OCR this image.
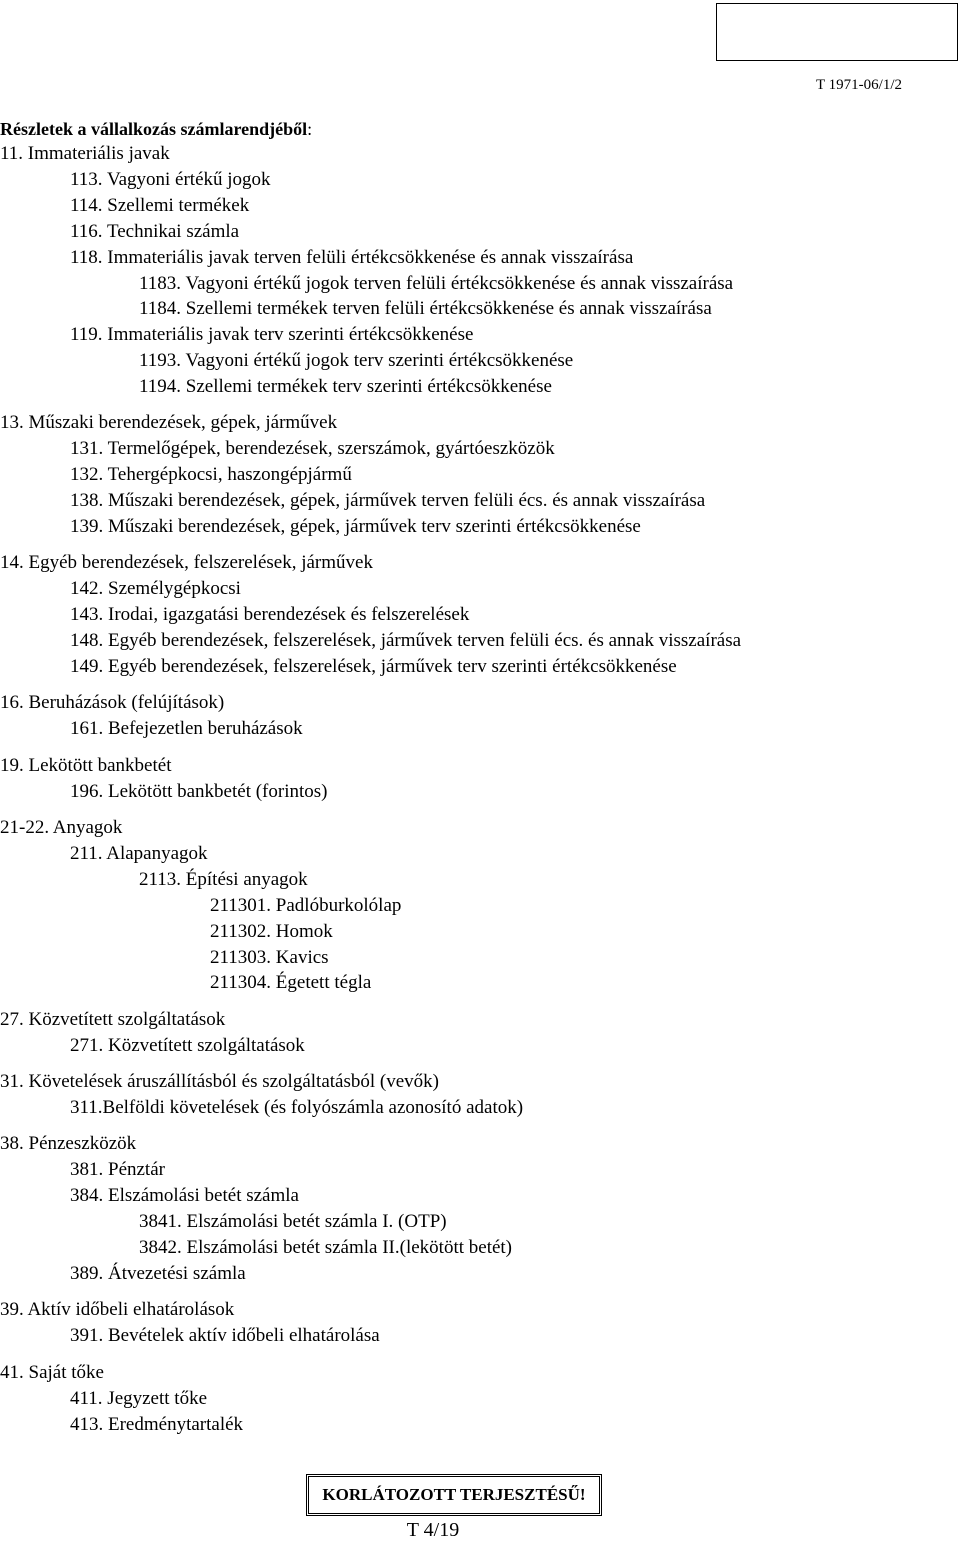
T 1971-06/1/2
Részletek a vállalkozás számlarendjéből:
11. Immateriális javak
113. Vagyoni értékű jogok
114. Szellemi termékek
116. Technikai számla
118. Immateriális javak terven felüli értékcsökkenése és annak visszaírása
1183. Vagyoni értékű jogok terven felüli értékcsökkenése és annak visszaírása
1184. Szellemi termékek terven felüli értékcsökkenése és annak visszaírása
119. Immateriális javak terv szerinti értékcsökkenése
1193. Vagyoni értékű jogok terv szerinti értékcsökkenése
1194. Szellemi termékek terv szerinti értékcsökkenése
13. Műszaki berendezések, gépek, járművek
131. Termelőgépek, berendezések, szerszámok, gyártóeszközök
132. Tehergépkocsi, haszongépjármű
138. Műszaki berendezések, gépek, járművek terven felüli écs. és annak visszaírása
139. Műszaki berendezések, gépek, járművek terv szerinti értékcsökkenése
14. Egyéb berendezések, felszerelések, járművek
142. Személygépkocsi
143. Irodai, igazgatási berendezések és felszerelések
148. Egyéb berendezések, felszerelések, járművek terven felüli écs. és annak visszaírása
149. Egyéb berendezések, felszerelések, járművek terv szerinti értékcsökkenése
16. Beruházások (felújítások)
161. Befejezetlen beruházások
19. Lekötött bankbetét
196. Lekötött bankbetét (forintos)
21-22. Anyagok
211. Alapanyagok
2113. Építési anyagok
211301. Padlóburkolólap
211302. Homok
211303. Kavics
211304. Égetett tégla
27. Közvetített szolgáltatások
271. Közvetített szolgáltatások
31. Követelések áruszállításból és szolgáltatásból (vevők)
311.Belföldi követelések (és folyószámla azonosító adatok)
38. Pénzeszközök
381. Pénztár
384. Elszámolási betét számla
3841. Elszámolási betét számla I. (OTP)
3842. Elszámolási betét számla II.(lekötött betét)
389. Átvezetési számla
39. Aktív időbeli elhatárolások
391. Bevételek aktív időbeli elhatárolása
41. Saját tőke
411. Jegyzett tőke
413. Eredménytartalék
KORLÁTOZOTT TERJESZTÉSŰ!
T 4/19
